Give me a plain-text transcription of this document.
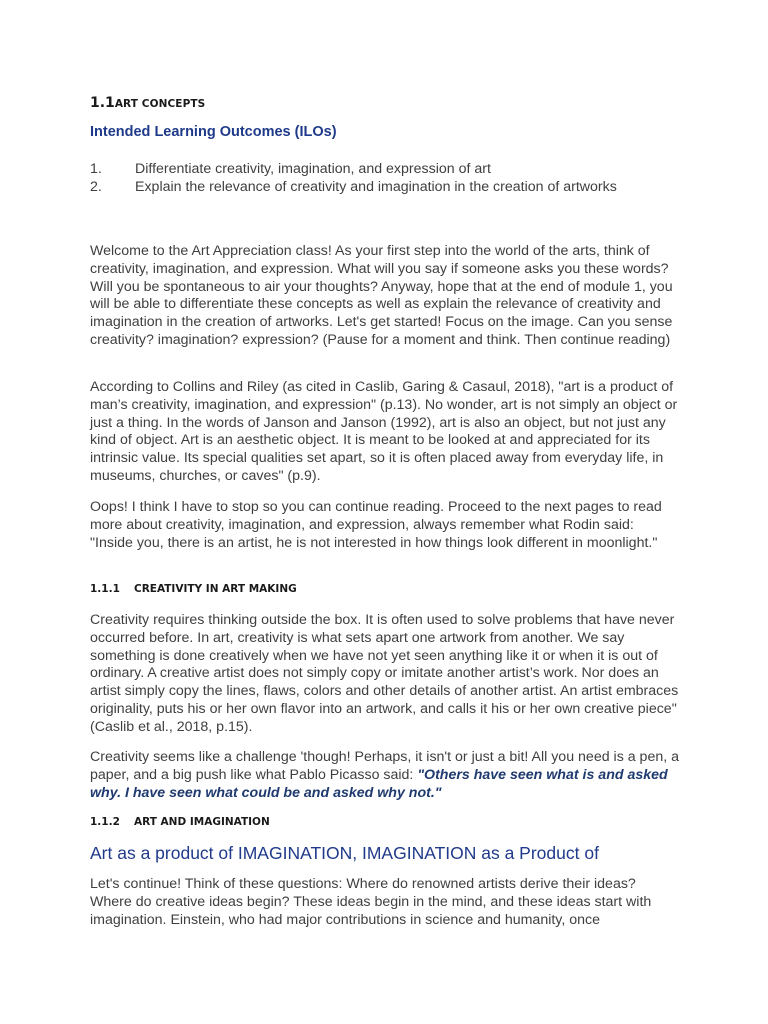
1.1ART CONCEPTS
Intended Learning Outcomes (ILOs)
1.	Differentiate creativity, imagination, and expression of art
2.	Explain the relevance of creativity and imagination in the creation of artworks
Welcome to the Art Appreciation class! As your first step into the world of the arts, think of creativity, imagination, and expression. What will you say if someone asks you these words? Will you be spontaneous to air your thoughts? Anyway, hope that at the end of module 1, you will be able to differentiate these concepts as well as explain the relevance of creativity and imagination in the creation of artworks. Let's get started! Focus on the image. Can you sense creativity? imagination? expression? (Pause for a moment and think. Then continue reading)
According to Collins and Riley (as cited in Caslib, Garing & Casaul, 2018), "art is a product of man’s creativity, imagination, and expression" (p.13). No wonder, art is not simply an object or just a thing. In the words of Janson and Janson (1992), art is also an object, but not just any kind of object. Art is an aesthetic object. It is meant to be looked at and appreciated for its intrinsic value. Its special qualities set apart, so it is often placed away from everyday life, in museums, churches, or caves" (p.9).
Oops! I think I have to stop so you can continue reading. Proceed to the next pages to read more about creativity, imagination, and expression, always remember what Rodin said: "Inside you, there is an artist, he is not interested in how things look different in moonlight."
1.1.1 CREATIVITY IN ART MAKING
Creativity requires thinking outside the box. It is often used to solve problems that have never occurred before. In art, creativity is what sets apart one artwork from another. We say something is done creatively when we have not yet seen anything like it or when it is out of ordinary. A creative artist does not simply copy or imitate another artist’s work. Nor does an artist simply copy the lines, flaws, colors and other details of another artist. An artist embraces originality, puts his or her own flavor into an artwork, and calls it his or her own creative piece" (Caslib et al., 2018, p.15).
Creativity seems like a challenge 'though! Perhaps, it isn't or just a bit! All you need is a pen, a paper, and a big push like what Pablo Picasso said: "Others have seen what is and asked why. I have seen what could be and asked why not."
1.1.2 ART AND IMAGINATION
Art as a product of IMAGINATION, IMAGINATION as a Product of
Let's continue! Think of these questions: Where do renowned artists derive their ideas? Where do creative ideas begin? These ideas begin in the mind, and these ideas start with imagination. Einstein, who had major contributions in science and humanity, once
